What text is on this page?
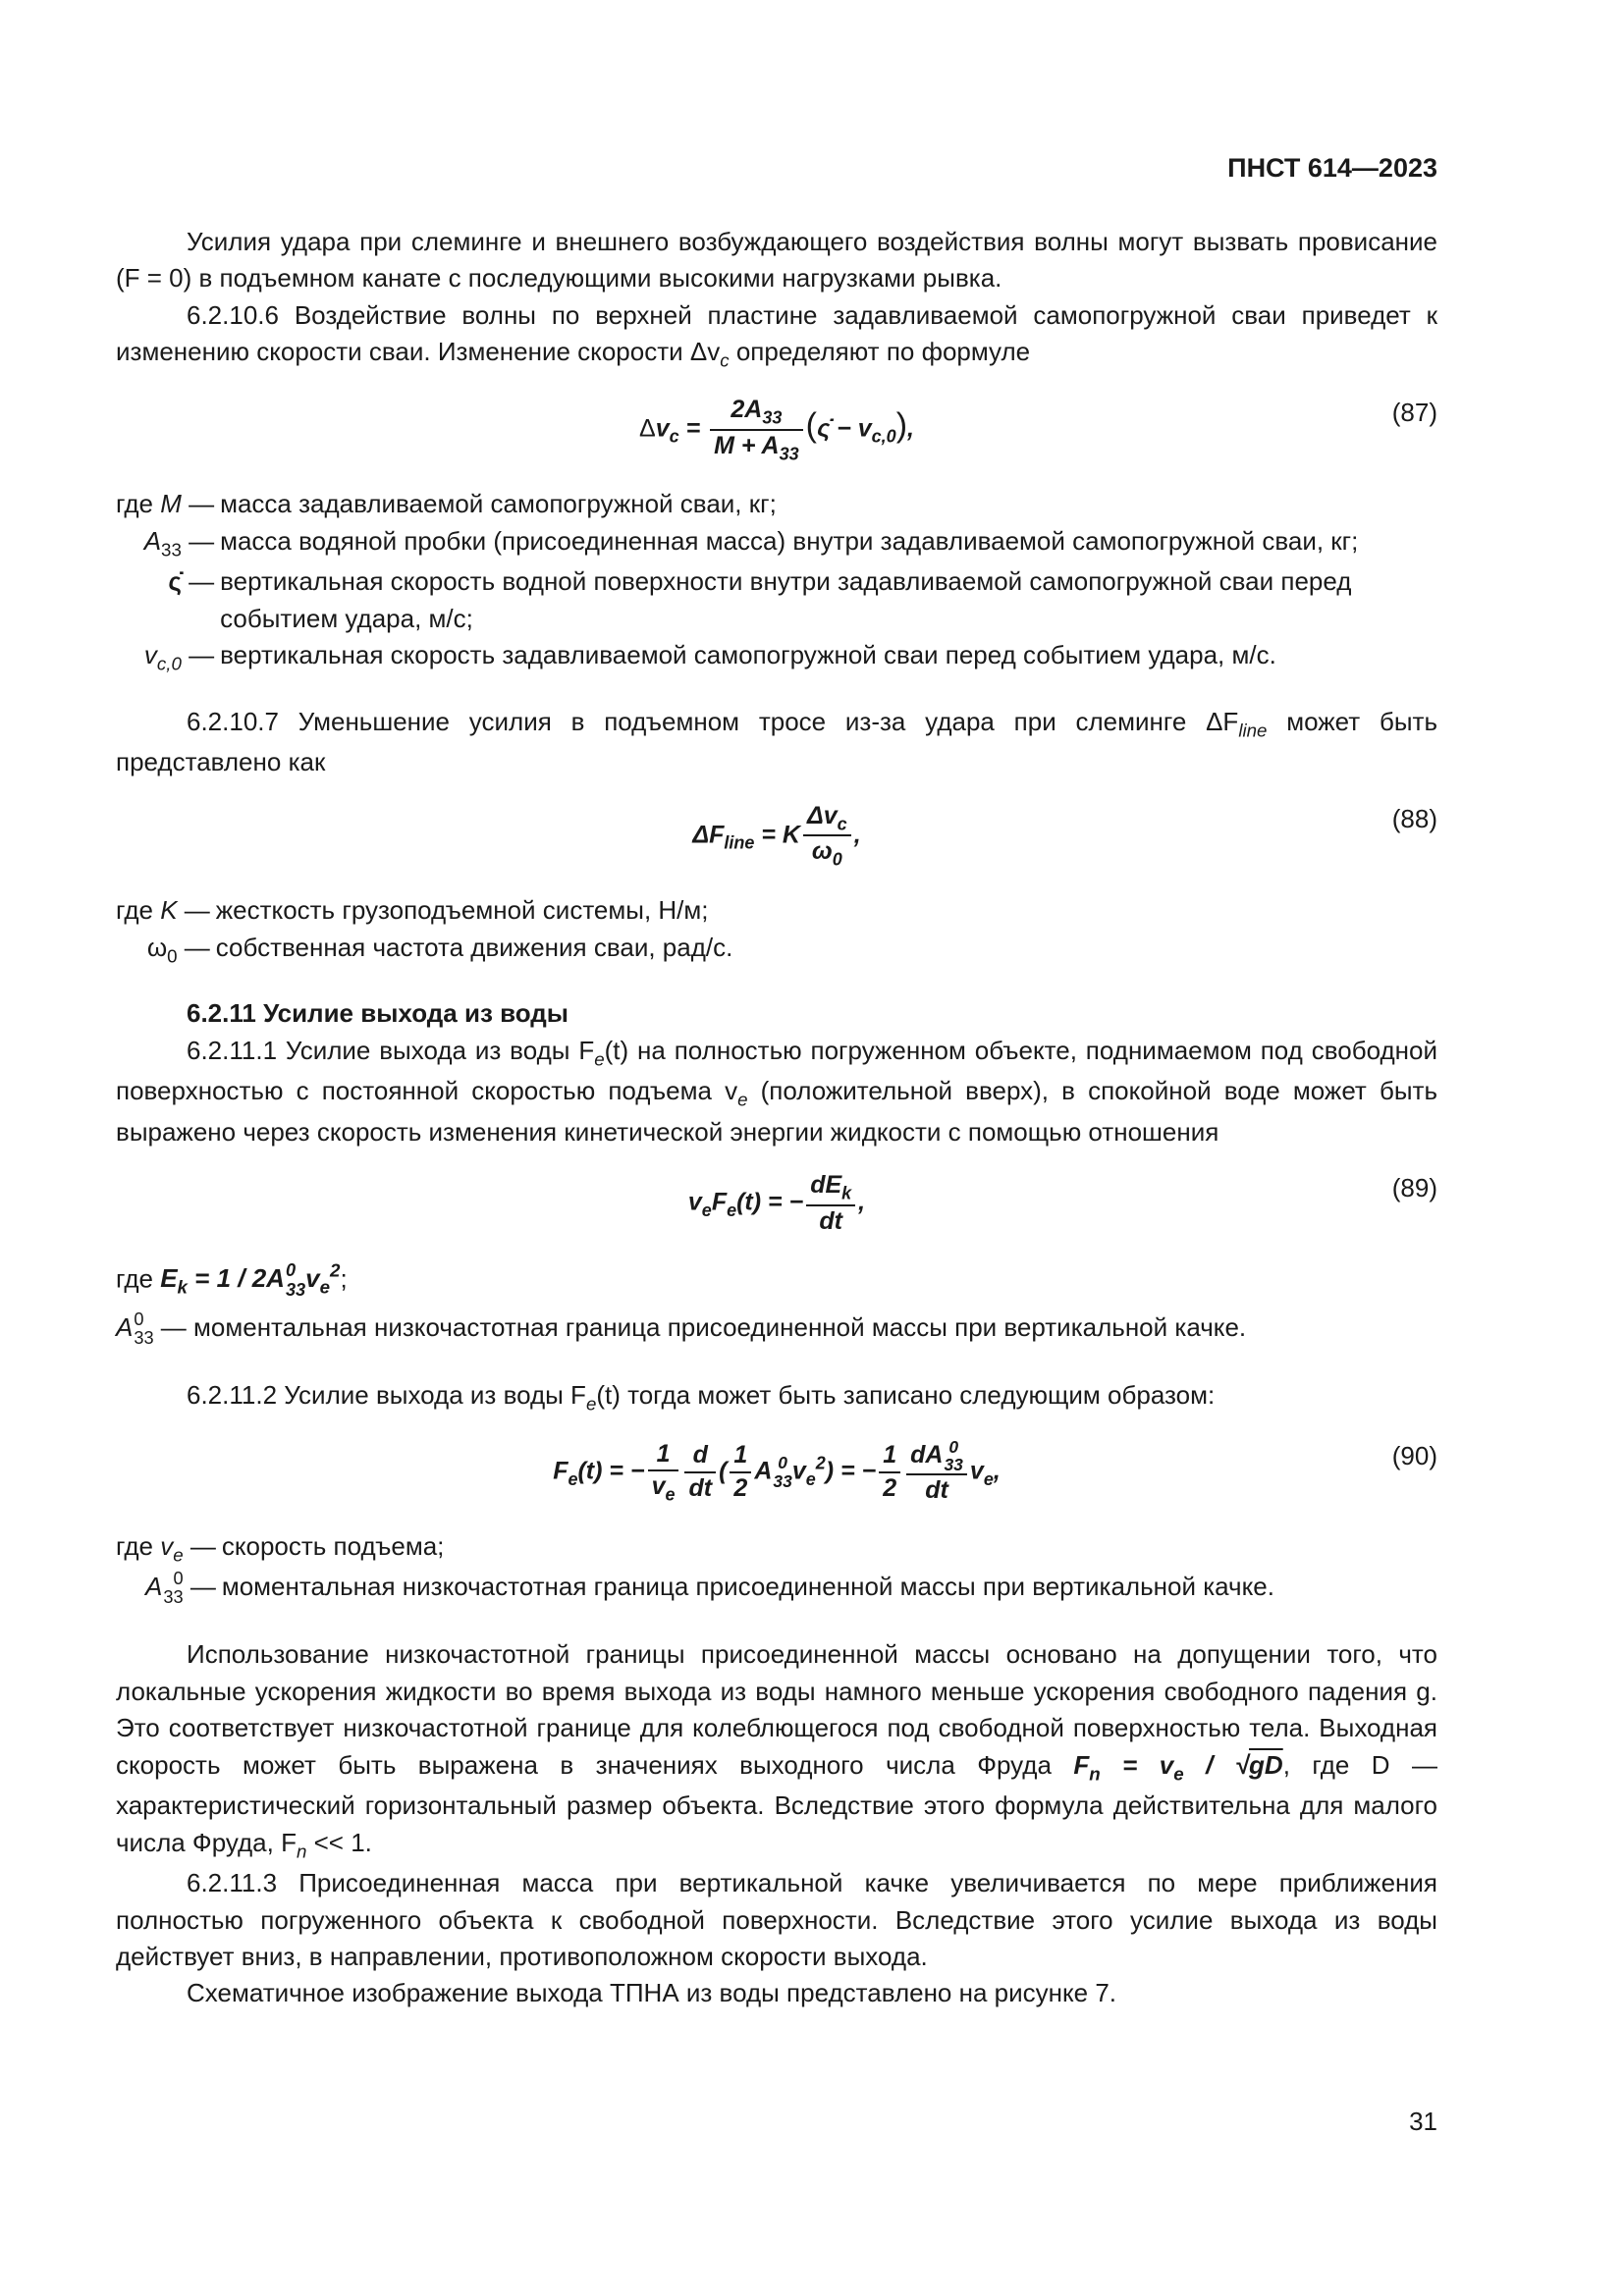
ПНСТ 614—2023

Усилия удара при слеминге и внешнего возбуждающего воздействия волны могут вызвать провисание (F = 0) в подъемном канате с последующими высокими нагрузками рывка.

6.2.10.6 Воздействие волны по верхней пластине задавливаемой самопогружной сваи приведет к изменению скорости сваи. Изменение скорости $\Delta v_c$ определяют по формуле

$\Delta v_c = \frac{2A_{33}}{M + A_{33}}$ (ς̇ − $v_{c,0}$),
(87)
где M — масса задавливаемой самопогружной сваи, кг;
$A_{33}$ — масса водяной пробки (присоединенная масса) внутри задавливаемой самопогружной сваи, кг;
ς̇ — вертикальная скорость водной поверхности внутри задавливаемой самопогружной сваи перед событием удара, м/с;
$v_{c,0}$ — вертикальная скорость задавливаемой самопогружной сваи перед событием удара, м/с.

6.2.10.7 Уменьшение усилия в подъемном тросе из-за удара при слеминге $\Delta F_{line}$ может быть представлено как

$\Delta F_{line} = K \frac{\Delta v_c}{\omega_0}$ ,
(88)
где K — жесткость грузоподъемной системы, Н/м;
$\omega_0$ — собственная частота движения сваи, рад/с.
6.2.11 Усилие выхода из воды

6.2.11.1 Усилие выхода из воды $F_e(t)$ на полностью погруженном объекте, поднимаемом под свободной поверхностью с постоянной скоростью подъема $v_e$ (положительной вверх), в спокойной воде может быть выражено через скорость изменения кинетической энергии жидкости с помощью отношения

$v_eF_e(t)$ = − $\frac{dE_k}{dt}$ ,	(89)

где $E_k = 1 / 2A$ 0
33 $v_e^2$;

A 0
33 — моментальная низкочастотная граница присоединенной массы при вертикальной качке.

6.2.11.2 Усилие выхода из воды $F_e(t)$ тогда может быть записано следующим образом:

$F_e(t)$ = − $\frac{1}{v_e} \frac{d}{dt}$ ( $\frac{1}{2}$ A 0
33 $v_e^2$) = − $\frac{1}{2}$ dA 0
33
dt $v_e$,
(90)
где $v_e$ — скорость подъема;
A 0
33 — моментальная низкочастотная граница присоединенной массы при вертикальной качке.

Использование низкочастотной границы присоединенной массы основано на допущении того, что локальные ускорения жидкости во время выхода из воды намного меньше ускорения свободного падения g. Это соответствует низкочастотной границе для колеблющегося под свободной поверхностью тела. Выходная скорость может быть выражена в значениях выходного числа Фруда $F_n = v_e / √gD$, где D — характеристический горизонтальный размер объекта. Вследствие этого формула действительна для малого числа Фруда, $F_n << 1$.

6.2.11.3 Присоединенная масса при вертикальной качке увеличивается по мере приближения полностью погруженного объекта к свободной поверхности. Вследствие этого усилие выхода из воды действует вниз, в направлении, противоположном скорости выхода.

Схематичное изображение выхода ТПНА из воды представлено на рисунке 7.

31
